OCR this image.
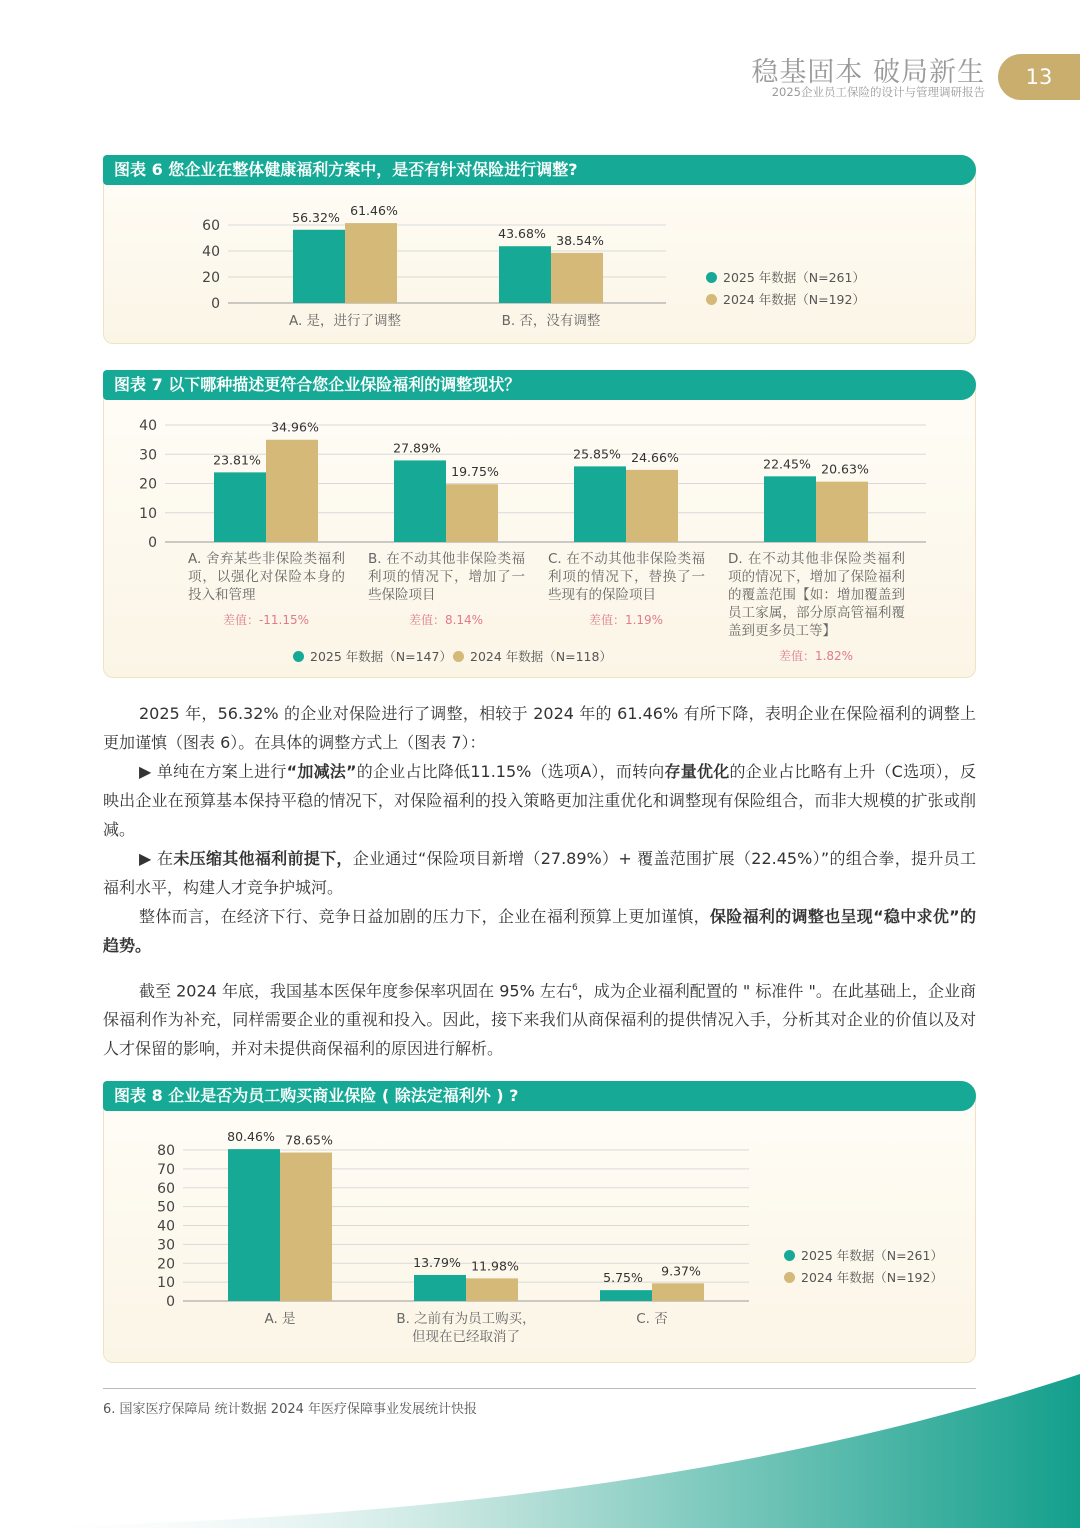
稳基固本 破局新生
2025企业员工保险的设计与管理调研报告
13
图表 6 您企业在整体健康福利方案中，是否有针对保险进行调整?
60
40
20
0
56.32% 61.46%
A. 是，进行了调整
43.68% 38.54%
B. 否，没有调整
2025 年数据（N=261）
2024 年数据（N=192）
图表 7 以下哪种描述更符合您企业保险福利的调整现状？
40
30
20
10
0
23.81%
34.96%
27.89%
19.75%
25.85% 24.66%	22.45% 20.63%
A. 舍弃某些非保险类福利项，以强化对保险本身的投入和管理
B. 在不动其他非保险类福利项的情况下，增加了一些保险项目
C. 在不动其他非保险类福利项的情况下，替换了一些现有的保险项目
D. 在不动其他非保险类福利项的情况下，增加了保险福利的覆盖范围【如：增加覆盖到员工家属，部分原高管福利覆盖到更多员工等】
差值：-11.15%	差值：8.14%	差值：1.19%
差值：1.82%
2025 年数据（N=147）	2024 年数据（N=118）

2025 年，56.32% 的企业对保险进行了调整，相较于 2024 年的 61.46% 有所下降，表明企业在保险福利的调整上更加谨慎（图表 6）。在具体的调整方式上（图表 7）：

▶ 单纯在方案上进行“加减法”的企业占比降低11.15%（选项A），而转向存量优化的企业占比略有上升（C选项），反映出企业在预算基本保持平稳的情况下，对保险福利的投入策略更加注重优化和调整现有保险组合，而非大规模的扩张或削减。

▶ 在未压缩其他福利前提下，企业通过“保险项目新增（27.89%）+ 覆盖范围扩展（22.45%）”的组合拳，提升员工福利水平，构建人才竞争护城河。

整体而言，在经济下行、竞争日益加剧的压力下，企业在福利预算上更加谨慎，保险福利的调整也呈现“稳中求优”的趋势。

截至 2024 年底，我国基本医保年度参保率巩固在 95% 左右$^6$，成为企业福利配置的 " 标准件 "。在此基础上，企业商保福利作为补充，同样需要企业的重视和投入。因此，接下来我们从商保福利的提供情况入手，分析其对企业的价值以及对人才保留的影响，并对未提供商保福利的原因进行解析。

图表 8 企业是否为员工购买商业保险 ( 除法定福利外 ) ?
80
70
60
50
40
30
20
10
0
80.46% 78.65%
A. 是
13.79% 11.98%
B. 之前有为员工购买，
但现在已经取消了
5.75% 9.37%
C. 否
2025 年数据（N=261）
2024 年数据（N=192）
6. 国家医疗保障局 统计数据 2024 年医疗保障事业发展统计快报
